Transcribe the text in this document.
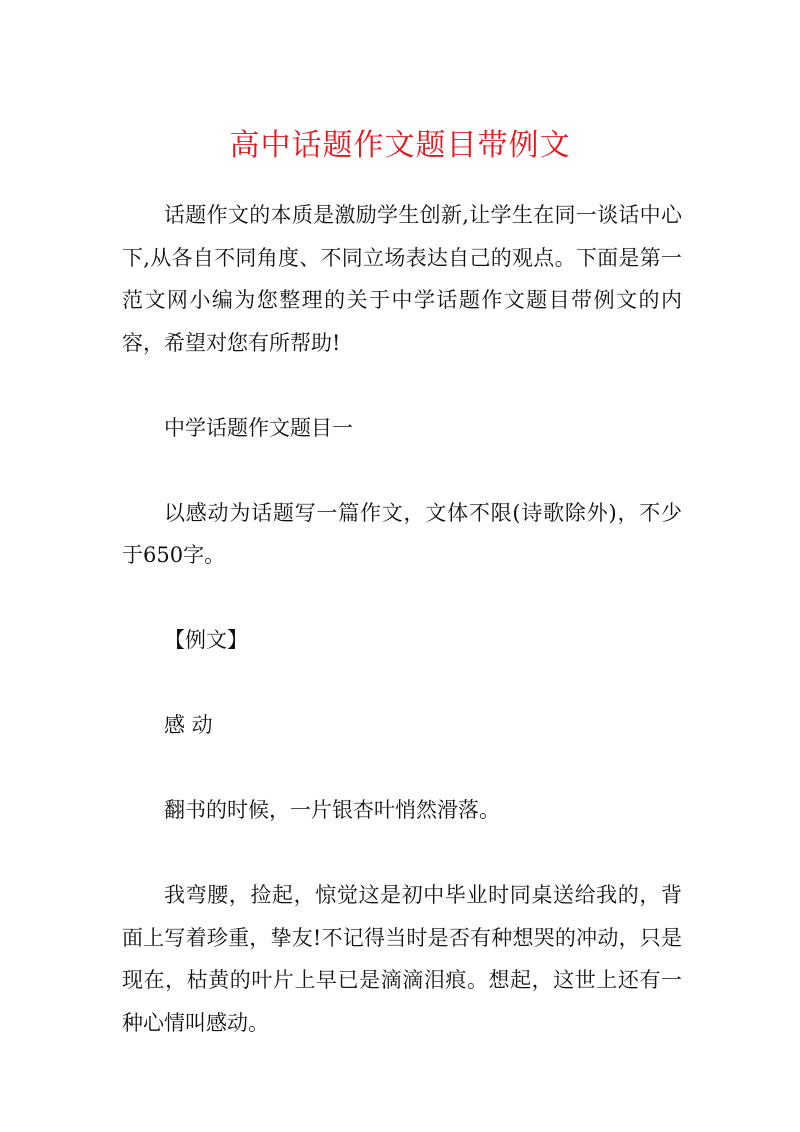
高中话题作文题目带例文

话题作文的本质是激励学生创新,让学生在同一谈话中心下,从各自不同角度、不同立场表达自己的观点。下面是第一范文网小编为您整理的关于中学话题作文题目带例文的内容，希望对您有所帮助!

中学话题作文题目一

以感动为话题写一篇作文，文体不限(诗歌除外)，不少于650字。

【例文】

感 动

翻书的时候，一片银杏叶悄然滑落。

我弯腰，捡起，惊觉这是初中毕业时同桌送给我的，背面上写着珍重，挚友!不记得当时是否有种想哭的冲动，只是现在，枯黄的叶片上早已是滴滴泪痕。想起，这世上还有一种心情叫感动。
